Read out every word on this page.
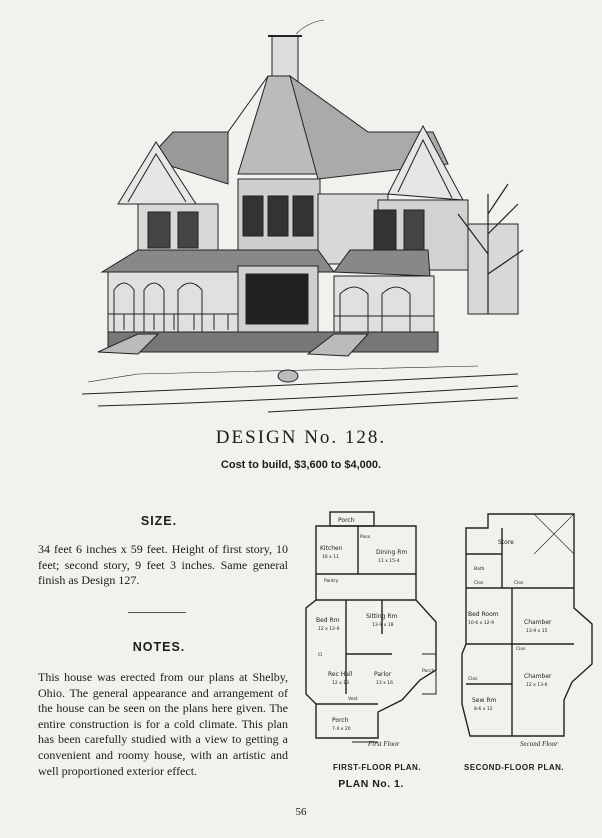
DESIGN No. 128.
Cost to build, $3,600 to $4,000.
SIZE.
34 feet 6 inches x 59 feet. Height of first story, 10 feet; second story, 9 feet 3 inches. Same general finish as Design 127.
NOTES.
This house was erected from our plans at Shelby, Ohio. The general appearance and arrangement of the house can be seen on the plans here given. The entire construction is for a cold climate. This plan has been carefully studied with a view to getting a convenient and roomy house, with an artistic and well proportioned exterior effect.
Porch
Kitchen
16 x 11
Pass.
Dining Rm
11 x 15-4
Pantry
Bed Rm
12 x 12-9
Sitting Rm
13-9 x 18
Cl
Rec Hall
12 x 13
Parlor
13 x 16
Porch
Vest
Porch
7-4 x 20
First Floor
Store
Bath
Clos	Clos
Bed Room
10-6 x 12-9	Chamber
13-9 x 15
Clos
Chamber
12 x 13-6
Clos
Sew Rm
8-6 x 12
Second Floor
FIRST-FLOOR PLAN.	SECOND-FLOOR PLAN.
PLAN No. 1.
56
